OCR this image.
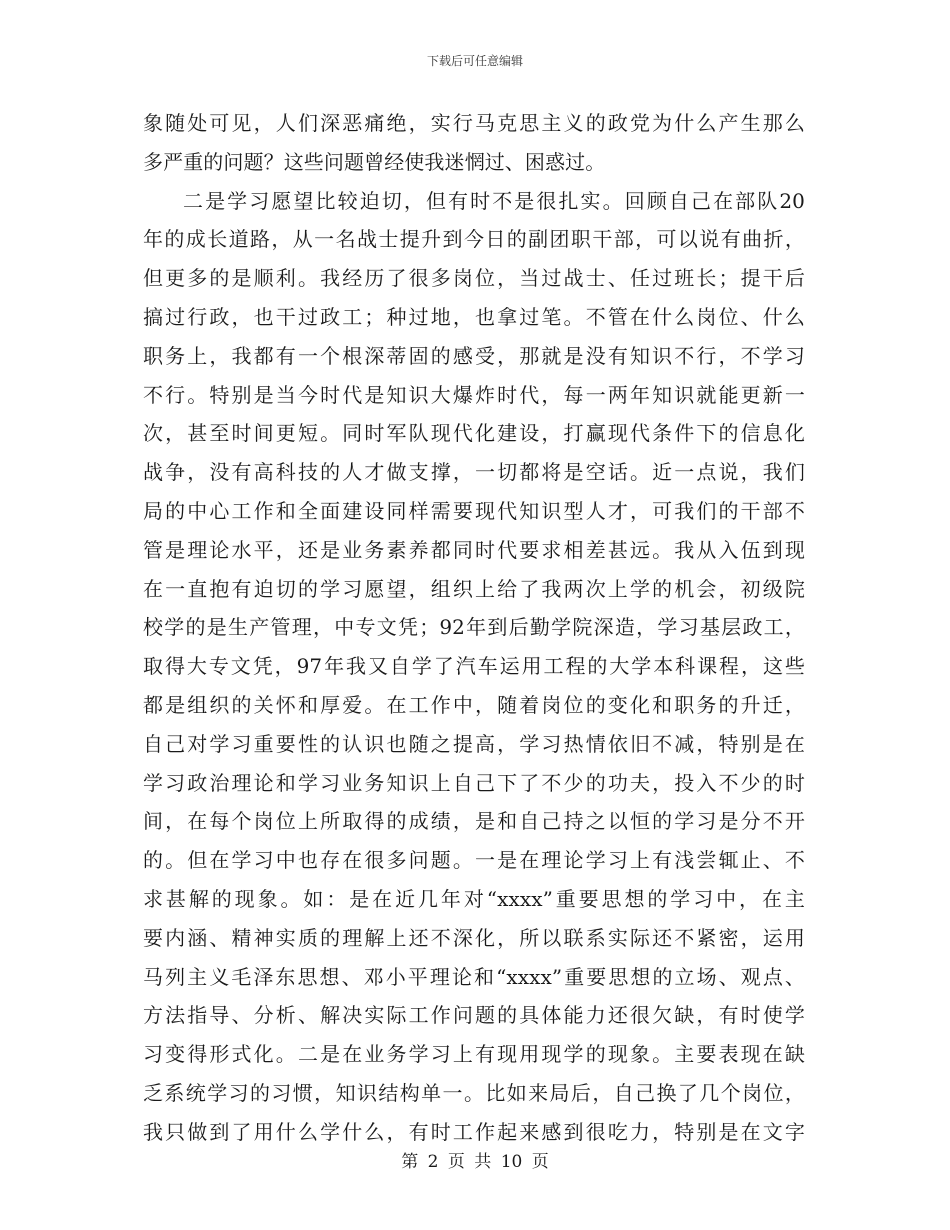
下载后可任意编辑
象随处可见，人们深恶痛绝，实行马克思主义的政党为什么产生那么
多严重的问题？这些问题曾经使我迷惘过、困惑过。
二是学习愿望比较迫切，但有时不是很扎实。回顾自己在部队20
年的成长道路，从一名战士提升到今日的副团职干部，可以说有曲折，
但更多的是顺利。我经历了很多岗位，当过战士、任过班长；提干后
搞过行政，也干过政工；种过地，也拿过笔。不管在什么岗位、什么
职务上，我都有一个根深蒂固的感受，那就是没有知识不行，不学习
不行。特别是当今时代是知识大爆炸时代，每一两年知识就能更新一
次，甚至时间更短。同时军队现代化建设，打赢现代条件下的信息化
战争，没有高科技的人才做支撑，一切都将是空话。近一点说，我们
局的中心工作和全面建设同样需要现代知识型人才，可我们的干部不
管是理论水平，还是业务素养都同时代要求相差甚远。我从入伍到现
在一直抱有迫切的学习愿望，组织上给了我两次上学的机会，初级院
校学的是生产管理，中专文凭；92年到后勤学院深造，学习基层政工，
取得大专文凭，97年我又自学了汽车运用工程的大学本科课程，这些
都是组织的关怀和厚爱。在工作中，随着岗位的变化和职务的升迁，
自己对学习重要性的认识也随之提高，学习热情依旧不减，特别是在
学习政治理论和学习业务知识上自己下了不少的功夫，投入不少的时
间，在每个岗位上所取得的成绩，是和自己持之以恒的学习是分不开
的。但在学习中也存在很多问题。一是在理论学习上有浅尝辄止、不
求甚解的现象。如：是在近几年对“xxxx”重要思想的学习中，在主
要内涵、精神实质的理解上还不深化，所以联系实际还不紧密，运用
马列主义毛泽东思想、邓小平理论和“xxxx”重要思想的立场、观点、
方法指导、分析、解决实际工作问题的具体能力还很欠缺，有时使学
习变得形式化。二是在业务学习上有现用现学的现象。主要表现在缺
乏系统学习的习惯，知识结构单一。比如来局后，自己换了几个岗位，
我只做到了用什么学什么，有时工作起来感到很吃力，特别是在文字
第 2 页 共 10 页
